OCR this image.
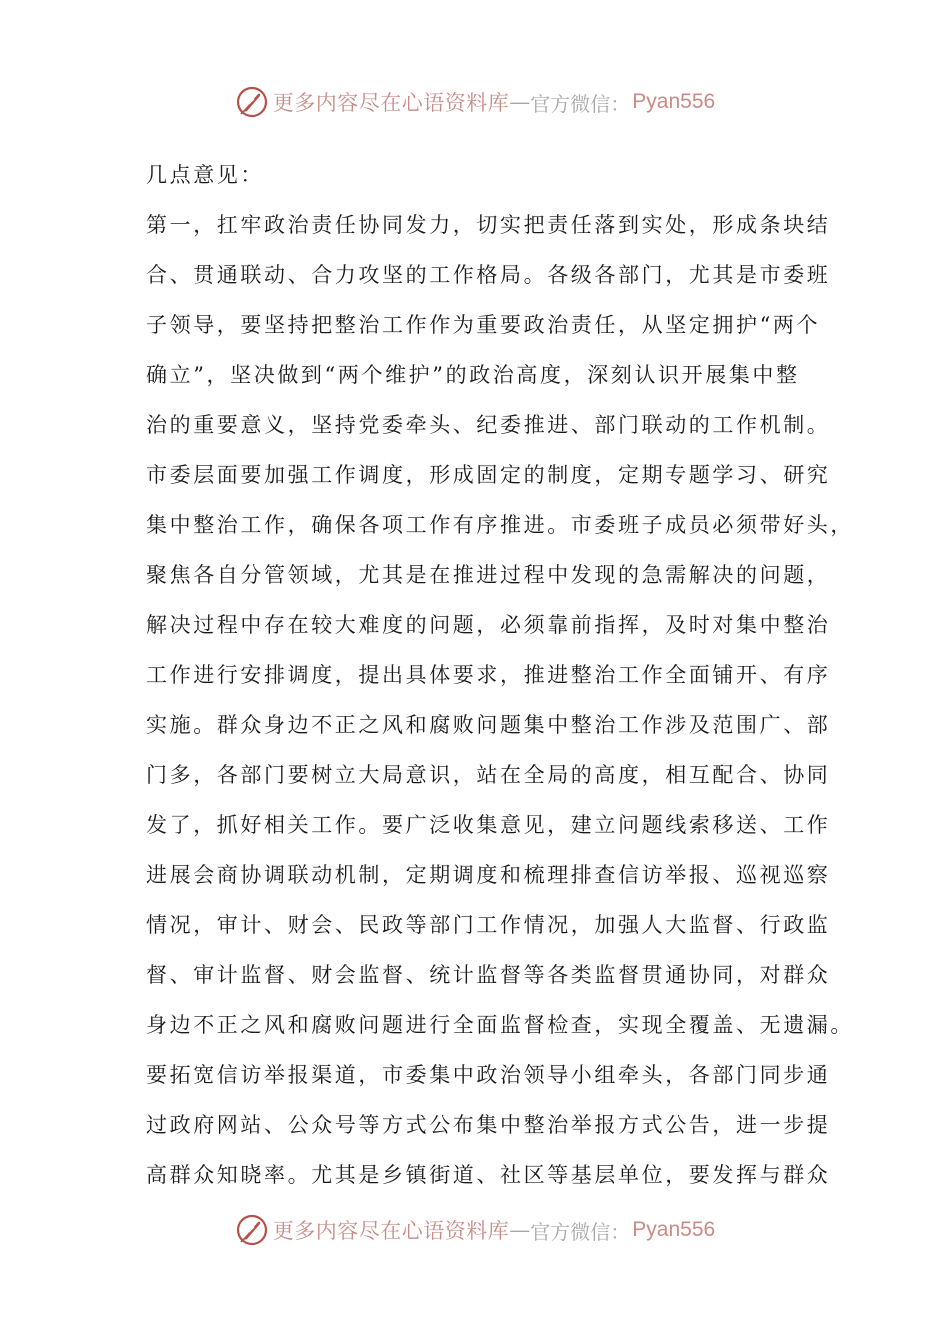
更多内容尽在心语资料库 — 官方微信： Pyan556
几点意见：
第一，扛牢政治责任协同发力，切实把责任落到实处，形成条块结
合、贯通联动、合力攻坚的工作格局。各级各部门，尤其是市委班
子领导，要坚持把整治工作作为重要政治责任，从坚定拥护“两个
确立”，坚决做到“两个维护”的政治高度，深刻认识开展集中整
治的重要意义，坚持党委牵头、纪委推进、部门联动的工作机制。
市委层面要加强工作调度，形成固定的制度，定期专题学习、研究
集中整治工作，确保各项工作有序推进。市委班子成员必须带好头，
聚焦各自分管领域，尤其是在推进过程中发现的急需解决的问题，
解决过程中存在较大难度的问题，必须靠前指挥，及时对集中整治
工作进行安排调度，提出具体要求，推进整治工作全面铺开、有序
实施。群众身边不正之风和腐败问题集中整治工作涉及范围广、部
门多，各部门要树立大局意识，站在全局的高度，相互配合、协同
发了，抓好相关工作。要广泛收集意见，建立问题线索移送、工作
进展会商协调联动机制，定期调度和梳理排查信访举报、巡视巡察
情况，审计、财会、民政等部门工作情况，加强人大监督、行政监
督、审计监督、财会监督、统计监督等各类监督贯通协同，对群众
身边不正之风和腐败问题进行全面监督检查，实现全覆盖、无遗漏。
要拓宽信访举报渠道，市委集中政治领导小组牵头，各部门同步通
过政府网站、公众号等方式公布集中整治举报方式公告，进一步提
高群众知晓率。尤其是乡镇街道、社区等基层单位，要发挥与群众
更多内容尽在心语资料库 — 官方微信： Pyan556
